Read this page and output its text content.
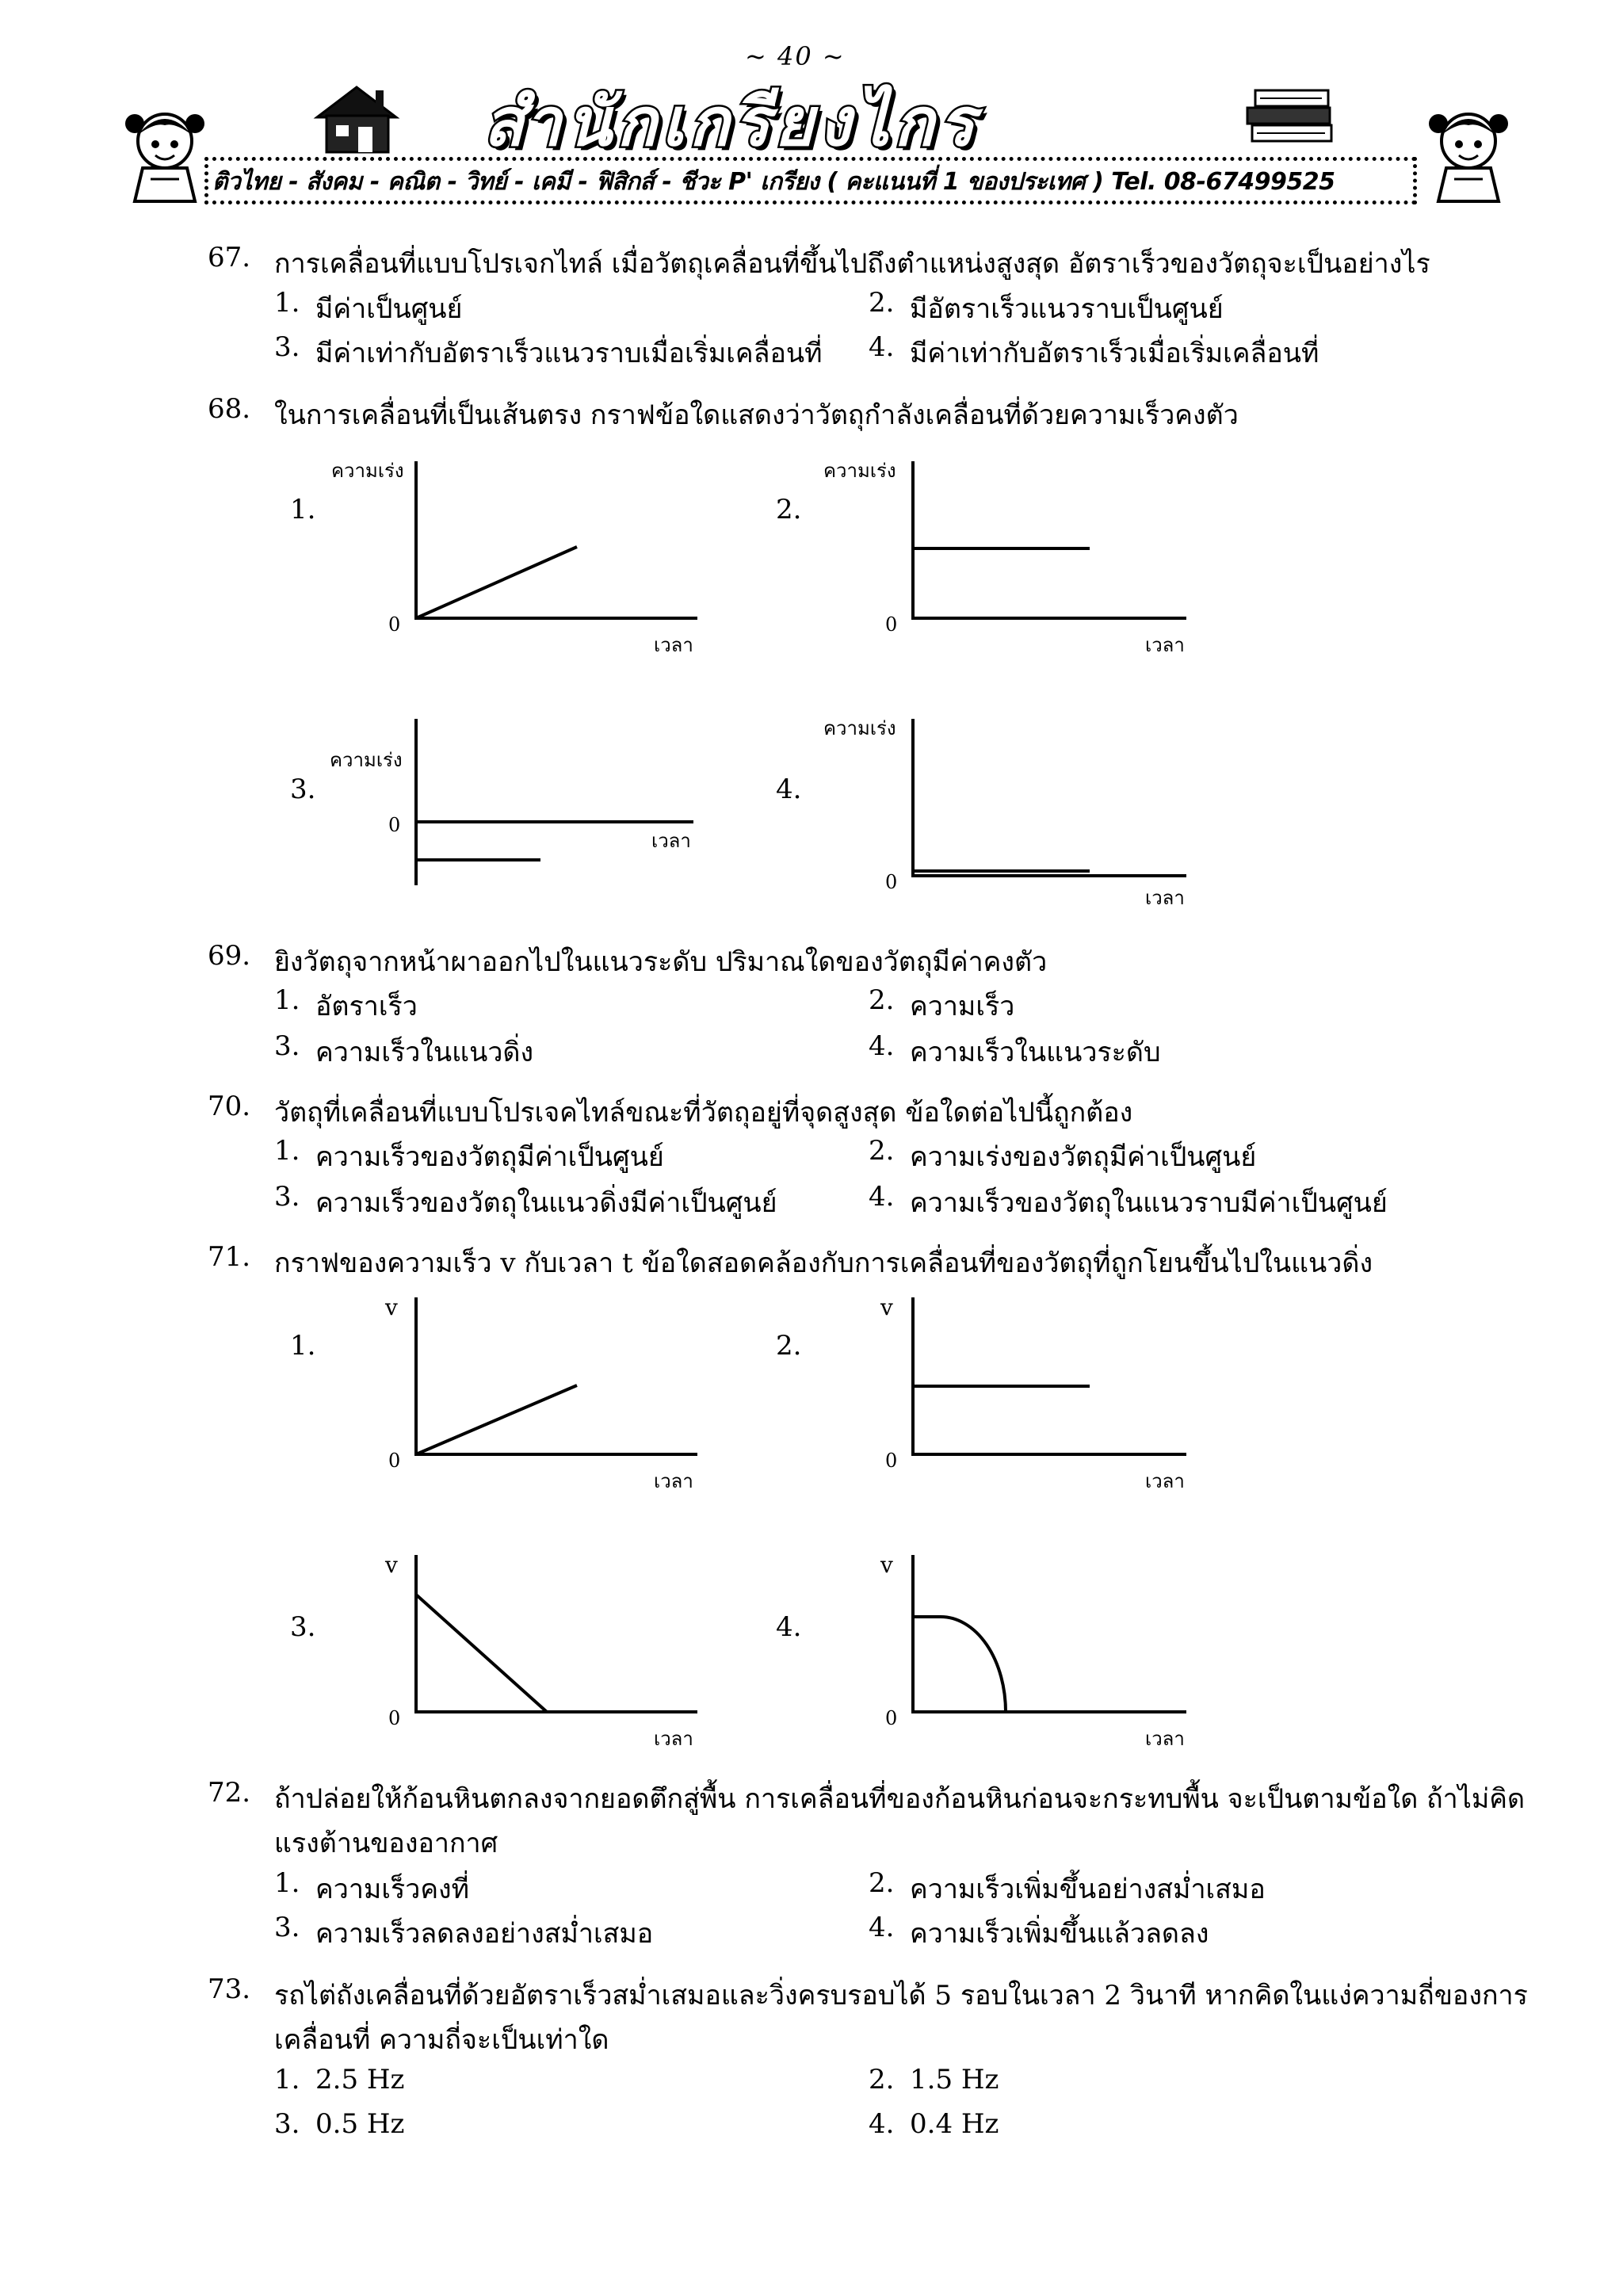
~ 40 ~
สำนักเกรียงไกร
ติวไทย - สังคม - คณิต - วิทย์ - เคมี - ฟิสิกส์ - ชีวะ P' เกรียง ( คะแนนที่ 1 ของประเทศ ) Tel. 08-67499525
67. การเคลื่อนที่แบบโปรเจกไทล์ เมื่อวัตถุเคลื่อนที่ขึ้นไปถึงตำแหน่งสูงสุด อัตราเร็วของวัตถุจะเป็นอย่างไร
1. มีค่าเป็นศูนย์	2. มีอัตราเร็วแนวราบเป็นศูนย์
3. มีค่าเท่ากับอัตราเร็วแนวราบเมื่อเริ่มเคลื่อนที่ 4. มีค่าเท่ากับอัตราเร็วเมื่อเริ่มเคลื่อนที่
68. ในการเคลื่อนที่เป็นเส้นตรง กราฟข้อใดแสดงว่าวัตถุกำลังเคลื่อนที่ด้วยความเร็วคงตัว
1.
ความเร่ง
0
เวลา
2.
ความเร่ง
0
เวลา
3.
ความเร่ง
0
เวลา
4.
ความเร่ง
0
เวลา
69. ยิงวัตถุจากหน้าผาออกไปในแนวระดับ ปริมาณใดของวัตถุมีค่าคงตัว
1. อัตราเร็ว	2. ความเร็ว
3. ความเร็วในแนวดิ่ง	4. ความเร็วในแนวระดับ
70. วัตถุที่เคลื่อนที่แบบโปรเจคไทล์ขณะที่วัตถุอยู่ที่จุดสูงสุด ข้อใดต่อไปนี้ถูกต้อง
1. ความเร็วของวัตถุมีค่าเป็นศูนย์	2. ความเร่งของวัตถุมีค่าเป็นศูนย์
3. ความเร็วของวัตถุในแนวดิ่งมีค่าเป็นศูนย์	4. ความเร็วของวัตถุในแนวราบมีค่าเป็นศูนย์
71. กราฟของความเร็ว v กับเวลา t ข้อใดสอดคล้องกับการเคลื่อนที่ของวัตถุที่ถูกโยนขึ้นไปในแนวดิ่ง
1.
v
0
เวลา
2.
v
0
เวลา
3.
v
0
เวลา
4.
v
0
เวลา
72. ถ้าปล่อยให้ก้อนหินตกลงจากยอดตึกสู่พื้น การเคลื่อนที่ของก้อนหินก่อนจะกระทบพื้น จะเป็นตามข้อใด ถ้าไม่คิด
แรงต้านของอากาศ
1. ความเร็วคงที่	2. ความเร็วเพิ่มขึ้นอย่างสม่ำเสมอ
3. ความเร็วลดลงอย่างสม่ำเสมอ	4. ความเร็วเพิ่มขึ้นแล้วลดลง
73. รถไต่ถังเคลื่อนที่ด้วยอัตราเร็วสม่ำเสมอและวิ่งครบรอบได้ 5 รอบในเวลา 2 วินาที หากคิดในแง่ความถี่ของการ
เคลื่อนที่ ความถี่จะเป็นเท่าใด
1. 2.5 Hz	2. 1.5 Hz
3. 0.5 Hz	4. 0.4 Hz
